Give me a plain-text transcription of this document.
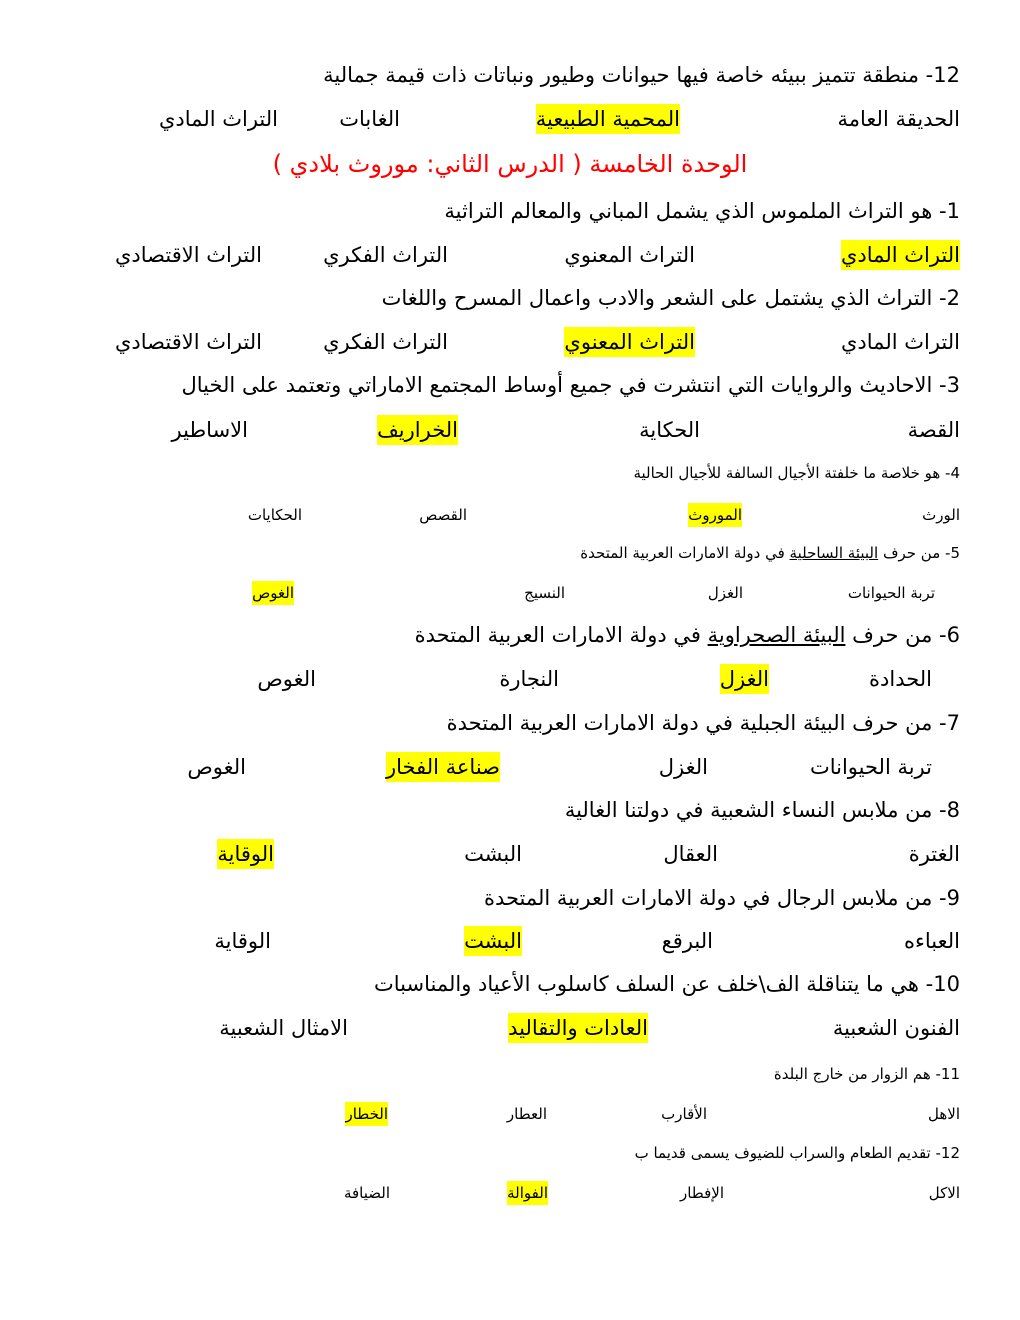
12- منطقة تتميز ببيئه خاصة فيها حيوانات وطيور ونباتات ذات قيمة جمالية
الحديقة العامة
المحمية الطبيعية
الغابات
التراث المادي
الوحدة الخامسة ( الدرس الثاني: موروث بلادي )
1- هو التراث الملموس الذي يشمل المباني والمعالم التراثية
التراث المادي
التراث المعنوي
التراث الفكري
التراث الاقتصادي
2- التراث الذي يشتمل على الشعر والادب واعمال المسرح واللغات
التراث المادي
التراث المعنوي
التراث الفكري
التراث الاقتصادي
3- الاحاديث والروايات التي انتشرت في جميع أوساط المجتمع الاماراتي وتعتمد على الخيال
القصة
الحكاية
الخراريف
الاساطير
4- هو خلاصة ما خلفتة الأجيال السالفة للأجيال الحالية
الورث
الموروث
القصص
الحكايات
5- من حرف البيئة الساحلية في دولة الامارات العربية المتحدة
تربة الحيوانات
الغزل
النسيج
الغوص
6- من حرف البيئة الصحراوية في دولة الامارات العربية المتحدة
الحدادة
الغزل
النجارة
الغوص
7- من حرف البيئة الجبلية في دولة الامارات العربية المتحدة
تربة الحيوانات
الغزل
صناعة الفخار
الغوص
8- من ملابس النساء الشعبية في دولتنا الغالية
الغترة
العقال
البشت
الوقاية
9- من ملابس الرجال في دولة الامارات العربية المتحدة
العباءه
البرقع
البشت
الوقاية
10- هي ما يتناقلة الف\خلف عن السلف كاسلوب الأعياد والمناسبات
الفنون الشعبية
العادات والتقاليد
الامثال الشعبية
11- هم الزوار من خارج البلدة
الاهل
الأقارب
العطار
الخطار
12- تقديم الطعام والسراب للضيوف يسمى قديما ب
الاكل
الإفطار
الفوالة
الضيافة
